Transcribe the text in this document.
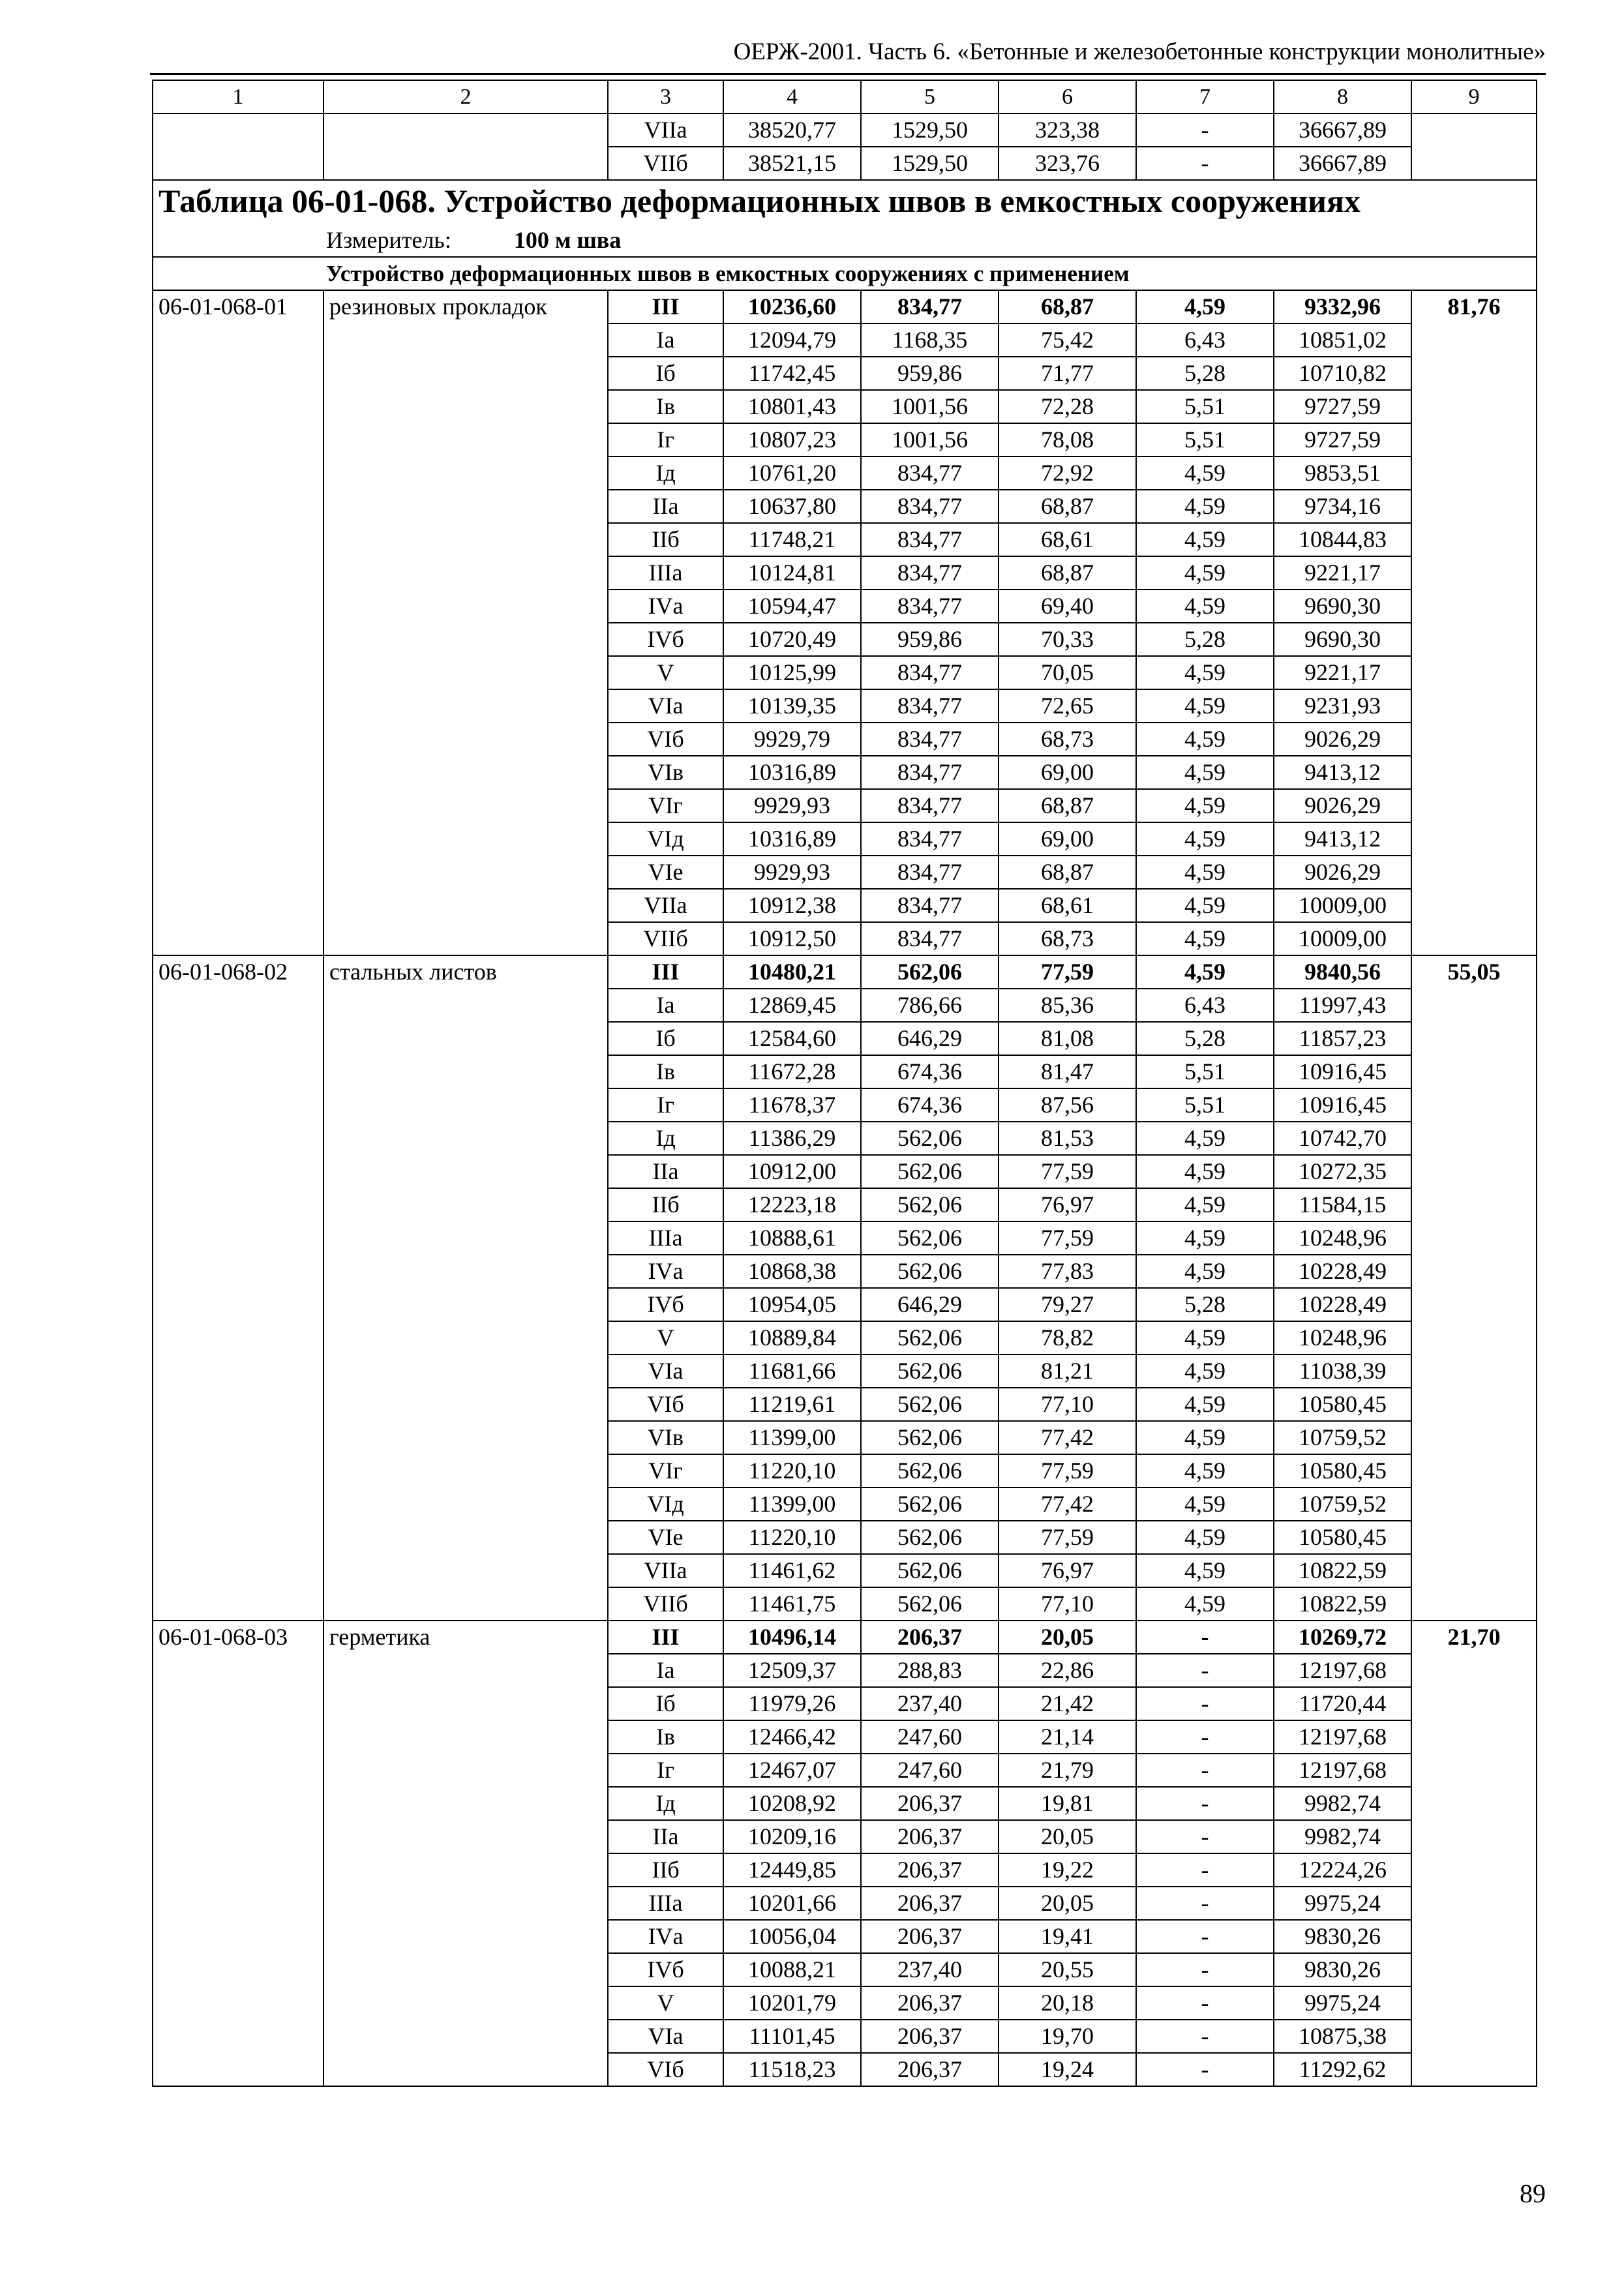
ОЕРЖ-2001. Часть 6. «Бетонные и железобетонные конструкции монолитные»
1	2	3	4	5	6	7	8	9
		VIIа	38520,77	1529,50	323,38	-	36667,89	
		VIIб	38521,15	1529,50	323,76	-	36667,89	
Таблица 06-01-068. Устройство деформационных швов в емкостных сооружениях								
Измеритель: 100 м шва								
Устройство деформационных швов в емкостных сооружениях с применением								
06-01-068-01	резиновых прокладок	III	10236,60	834,77	68,87	4,59	9332,96	81,76
		Iа	12094,79	1168,35	75,42	6,43	10851,02	
		Iб	11742,45	959,86	71,77	5,28	10710,82	
		Iв	10801,43	1001,56	72,28	5,51	9727,59	
		Iг	10807,23	1001,56	78,08	5,51	9727,59	
		Iд	10761,20	834,77	72,92	4,59	9853,51	
		IIа	10637,80	834,77	68,87	4,59	9734,16	
		IIб	11748,21	834,77	68,61	4,59	10844,83	
		IIIа	10124,81	834,77	68,87	4,59	9221,17	
		IVа	10594,47	834,77	69,40	4,59	9690,30	
		IVб	10720,49	959,86	70,33	5,28	9690,30	
		V	10125,99	834,77	70,05	4,59	9221,17	
		VIа	10139,35	834,77	72,65	4,59	9231,93	
		VIб	9929,79	834,77	68,73	4,59	9026,29	
		VIв	10316,89	834,77	69,00	4,59	9413,12	
		VIг	9929,93	834,77	68,87	4,59	9026,29	
		VIд	10316,89	834,77	69,00	4,59	9413,12	
		VIе	9929,93	834,77	68,87	4,59	9026,29	
		VIIа	10912,38	834,77	68,61	4,59	10009,00	
		VIIб	10912,50	834,77	68,73	4,59	10009,00	
06-01-068-02	стальных листов	III	10480,21	562,06	77,59	4,59	9840,56	55,05
		Iа	12869,45	786,66	85,36	6,43	11997,43	
		Iб	12584,60	646,29	81,08	5,28	11857,23	
		Iв	11672,28	674,36	81,47	5,51	10916,45	
		Iг	11678,37	674,36	87,56	5,51	10916,45	
		Iд	11386,29	562,06	81,53	4,59	10742,70	
		IIа	10912,00	562,06	77,59	4,59	10272,35	
		IIб	12223,18	562,06	76,97	4,59	11584,15	
		IIIа	10888,61	562,06	77,59	4,59	10248,96	
		IVа	10868,38	562,06	77,83	4,59	10228,49	
		IVб	10954,05	646,29	79,27	5,28	10228,49	
		V	10889,84	562,06	78,82	4,59	10248,96	
		VIа	11681,66	562,06	81,21	4,59	11038,39	
		VIб	11219,61	562,06	77,10	4,59	10580,45	
		VIв	11399,00	562,06	77,42	4,59	10759,52	
		VIг	11220,10	562,06	77,59	4,59	10580,45	
		VIд	11399,00	562,06	77,42	4,59	10759,52	
		VIе	11220,10	562,06	77,59	4,59	10580,45	
		VIIа	11461,62	562,06	76,97	4,59	10822,59	
		VIIб	11461,75	562,06	77,10	4,59	10822,59	
06-01-068-03	герметика	III	10496,14	206,37	20,05	-	10269,72	21,70
		Iа	12509,37	288,83	22,86	-	12197,68	
		Iб	11979,26	237,40	21,42	-	11720,44	
		Iв	12466,42	247,60	21,14	-	12197,68	
		Iг	12467,07	247,60	21,79	-	12197,68	
		Iд	10208,92	206,37	19,81	-	9982,74	
		IIа	10209,16	206,37	20,05	-	9982,74	
		IIб	12449,85	206,37	19,22	-	12224,26	
		IIIа	10201,66	206,37	20,05	-	9975,24	
		IVа	10056,04	206,37	19,41	-	9830,26	
		IVб	10088,21	237,40	20,55	-	9830,26	
		V	10201,79	206,37	20,18	-	9975,24	
		VIа	11101,45	206,37	19,70	-	10875,38	
		VIб	11518,23	206,37	19,24	-	11292,62	
89
